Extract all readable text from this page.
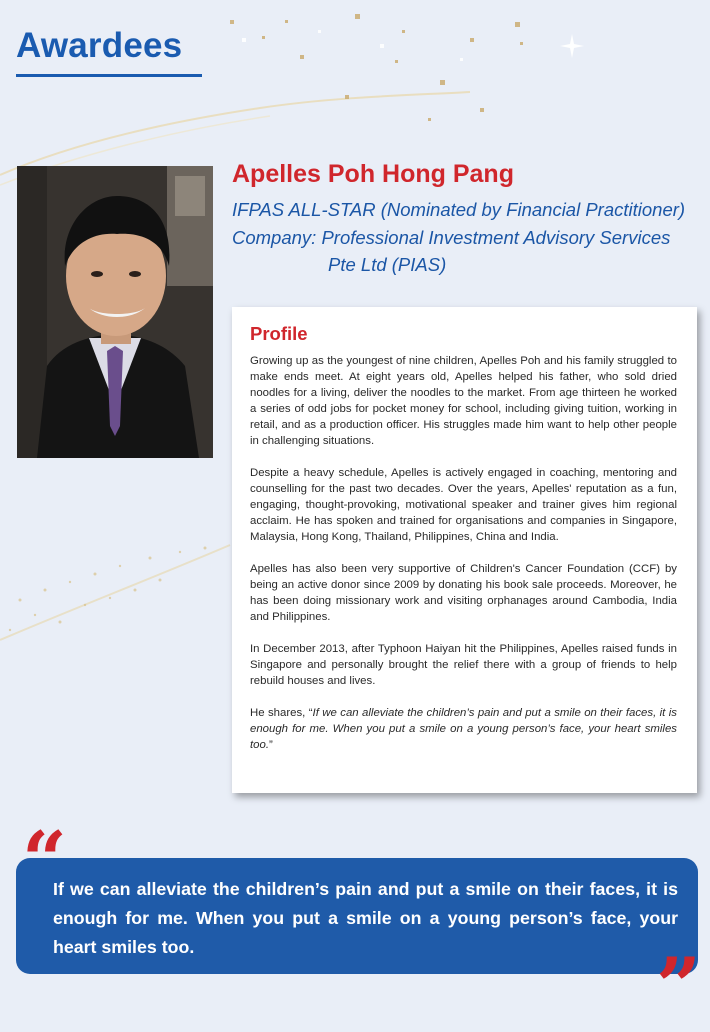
Awardees
Apelles Poh Hong Pang
IFPAS ALL-STAR (Nominated by Financial Practitioner)
Company: Professional Investment Advisory Services
Pte Ltd (PIAS)
Profile

Growing up as the youngest of nine children, Apelles Poh and his family struggled to make ends meet. At eight years old, Apelles helped his father, who sold dried noodles for a living, deliver the noodles to the market. From age thirteen he worked a series of odd jobs for pocket money for school, including giving tuition, working in retail, and as a production officer. His struggles made him want to help other people in challenging situations.

Despite a heavy schedule, Apelles is actively engaged in coaching, mentoring and counselling for the past two decades. Over the years, Apelles' reputation as a fun, engaging, thought-provoking, motivational speaker and trainer gives him regional acclaim. He has spoken and trained for organisations and companies in Singapore, Malaysia, Hong Kong, Thailand, Philippines, China and India.

Apelles has also been very supportive of Children's Cancer Foundation (CCF) by being an active donor since 2009 by donating his book sale proceeds. Moreover, he has been doing missionary work and visiting orphanages around Cambodia, India and Philippines.

In December 2013, after Typhoon Haiyan hit the Philippines, Apelles raised funds in Singapore and personally brought the relief there with a group of friends to help rebuild houses and lives.

He shares, “If we can alleviate the children’s pain and put a smile on their faces, it is enough for me. When you put a smile on a young person’s face, your heart smiles too.”

If we can alleviate the children’s pain and put a smile on their faces, it is enough for me. When you put a smile on a young person’s face, your heart smiles too.
“
”
